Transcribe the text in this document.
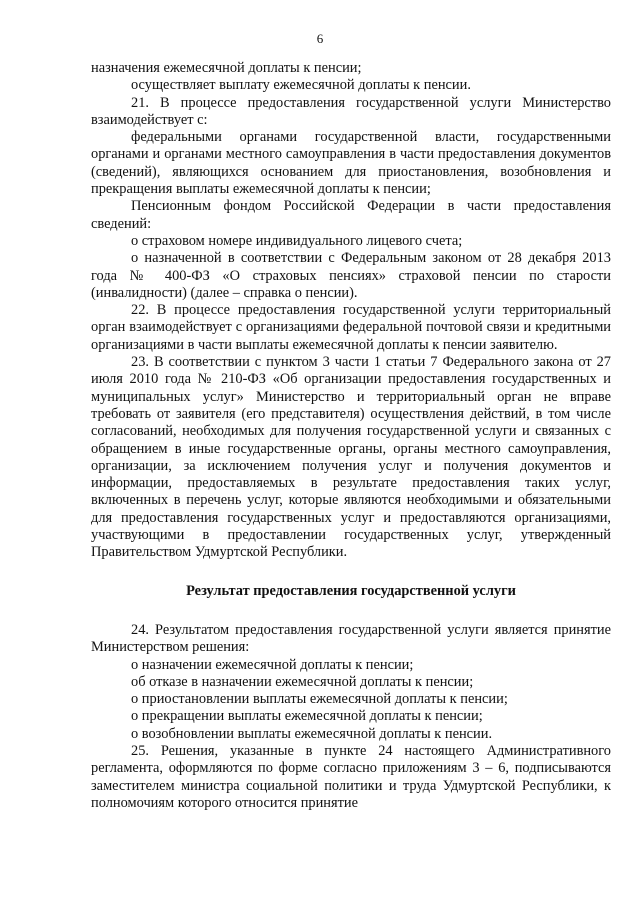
6

назначения ежемесячной доплаты к пенсии;

осуществляет выплату ежемесячной доплаты к пенсии.

21. В процессе предоставления государственной услуги Министерство взаимодействует с:

федеральными органами государственной власти, государственными органами и органами местного самоуправления в части предоставления документов (сведений), являющихся основанием для приостановления, возобновления и прекращения выплаты ежемесячной доплаты к пенсии;

Пенсионным фондом Российской Федерации в части предоставления сведений:

о страховом номере индивидуального лицевого счета;

о назначенной в соответствии с Федеральным законом от 28 декабря 2013 года № 400-ФЗ «О страховых пенсиях» страховой пенсии по старости (инвалидности) (далее – справка о пенсии).

22. В процессе предоставления государственной услуги территориальный орган взаимодействует с организациями федеральной почтовой связи и кредитными организациями в части выплаты ежемесячной доплаты к пенсии заявителю.

23. В соответствии с пунктом 3 части 1 статьи 7 Федерального закона от 27 июля 2010 года № 210-ФЗ «Об организации предоставления государственных и муниципальных услуг» Министерство и территориальный орган не вправе требовать от заявителя (его представителя) осуществления действий, в том числе согласований, необходимых для получения государственной услуги и связанных с обращением в иные государственные органы, органы местного самоуправления, организации, за исключением получения услуг и получения документов и информации, предоставляемых в результате предоставления таких услуг, включенных в перечень услуг, которые являются необходимыми и обязательными для предоставления государственных услуг и предоставляются организациями, участвующими в предоставлении государственных услуг, утвержденный Правительством Удмуртской Республики.

Результат предоставления государственной услуги

24. Результатом предоставления государственной услуги является принятие Министерством решения:

о назначении ежемесячной доплаты к пенсии;

об отказе в назначении ежемесячной доплаты к пенсии;

о приостановлении выплаты ежемесячной доплаты к пенсии;

о прекращении выплаты ежемесячной доплаты к пенсии;

о возобновлении выплаты ежемесячной доплаты к пенсии.

25. Решения, указанные в пункте 24 настоящего Административного регламента, оформляются по форме согласно приложениям 3 – 6, подписываются заместителем министра социальной политики и труда Удмуртской Республики, к полномочиям которого относится принятие
